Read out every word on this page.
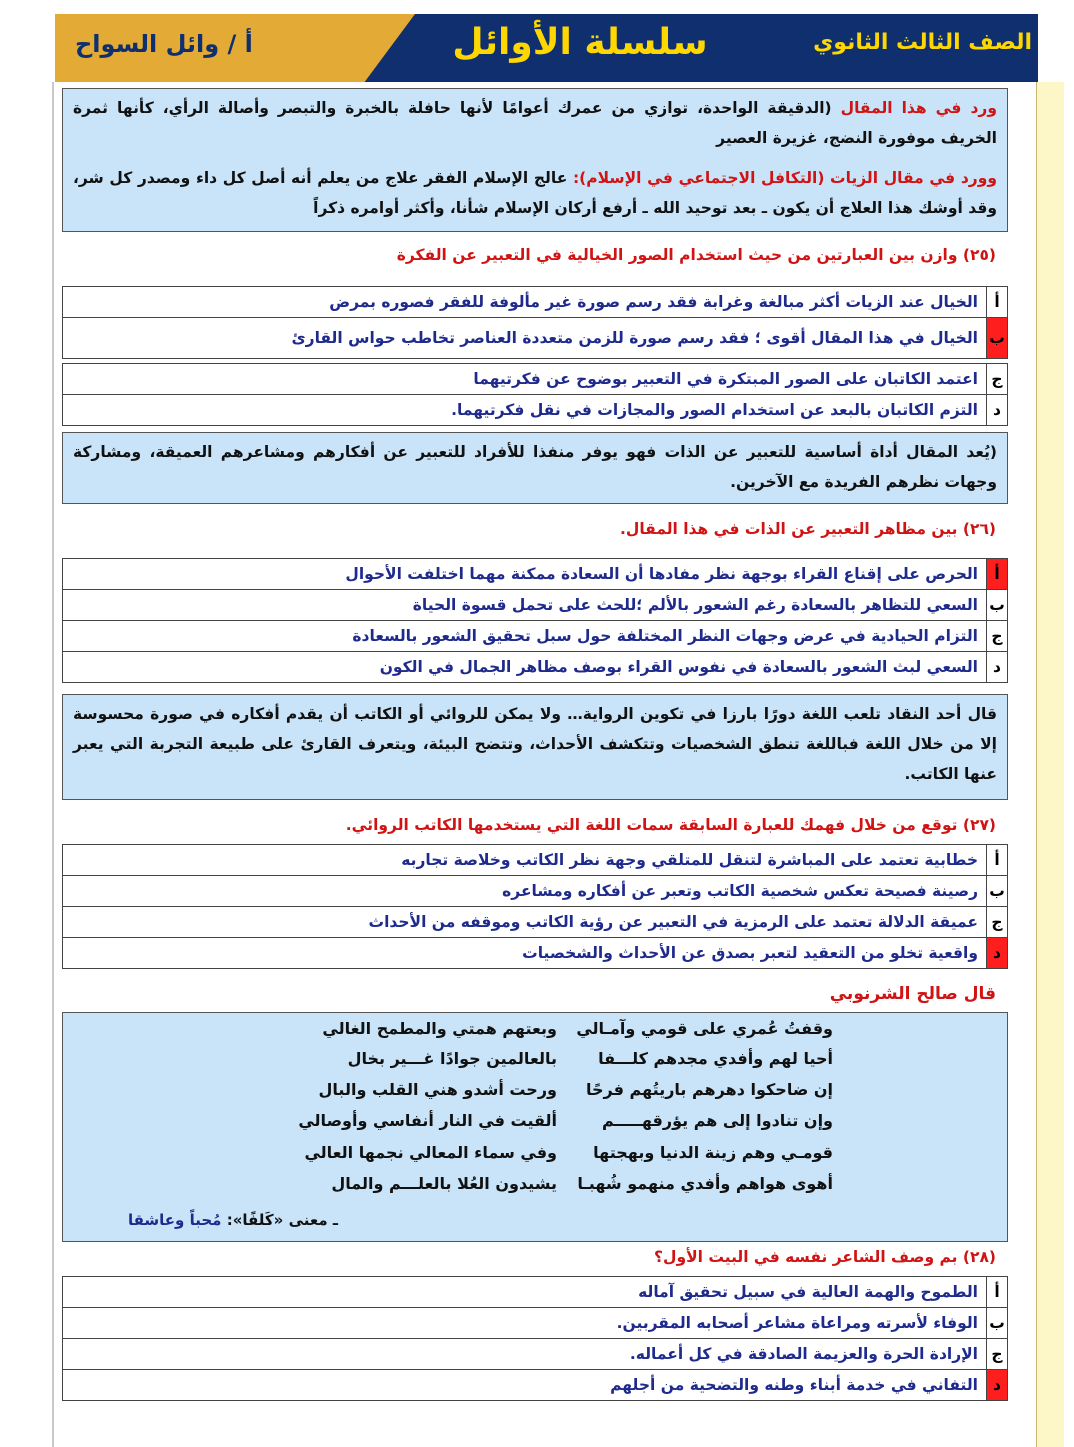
الصف الثالث الثانوي
سلسلة الأوائل
أ / وائل السواح
ورد في هذا المقال (الدقيقة الواحدة، توازي من عمرك أعوامًا لأنها حافلة بالخبرة والتبصر وأصالة الرأي، كأنها ثمرة الخريف موفورة النضج، غزيرة العصير
وورد في مقال الزيات (التكافل الاجتماعي في الإسلام): عالج الإسلام الفقر علاج من يعلم أنه أصل كل داء ومصدر كل شر، وقد أوشك هذا العلاج أن يكون ـ بعد توحيد الله ـ أرفع أركان الإسلام شأنا، وأكثر أوامره ذكراً
(٢٥) وازن بين العبارتين من حيث استخدام الصور الخيالية في التعبير عن الفكرة
أ	الخيال عند الزيات أكثر مبالغة وغرابة فقد رسم صورة غير مألوفة للفقر فصوره بمرض
ب	الخيال في هذا المقال أقوى ؛ فقد رسم صورة للزمن متعددة العناصر تخاطب حواس القارئ

ج	اعتمد الكاتبان على الصور المبتكرة في التعبير بوضوح عن فكرتيهما
د	التزم الكاتبان بالبعد عن استخدام الصور والمجازات في نقل فكرتيهما.
(يُعد المقال أداة أساسية للتعبير عن الذات فهو يوفر منفذا للأفراد للتعبير عن أفكارهم ومشاعرهم العميقة، ومشاركة وجهات نظرهم الفريدة مع الآخرين.
(٢٦) بين مظاهر التعبير عن الذات في هذا المقال.
أ	الحرص على إقناع القراء بوجهة نظر مفادها أن السعادة ممكنة مهما اختلفت الأحوال
ب	السعي للتظاهر بالسعادة رغم الشعور بالألم ؛للحث على تحمل قسوة الحياة
ج	التزام الحيادية في عرض وجهات النظر المختلفة حول سبل تحقيق الشعور بالسعادة
د	السعي لبث الشعور بالسعادة في نفوس القراء بوصف مظاهر الجمال في الكون
قال أحد النقاد تلعب اللغة دورًا بارزا في تكوين الرواية… ولا يمكن للروائي أو الكاتب أن يقدم أفكاره في صورة محسوسة إلا من خلال اللغة فباللغة تنطق الشخصيات وتتكشف الأحداث، وتتضح البيئة، ويتعرف القارئ على طبيعة التجربة التي يعبر عنها الكاتب.
(٢٧) توقع من خلال فهمك للعبارة السابقة سمات اللغة التي يستخدمها الكاتب الروائي.
أ	خطابية تعتمد على المباشرة لتنقل للمتلقي وجهة نظر الكاتب وخلاصة تجاربه
ب	رصينة فصيحة تعكس شخصية الكاتب وتعبر عن أفكاره ومشاعره
ج	عميقة الدلالة تعتمد على الرمزية في التعبير عن رؤية الكاتب وموقفه من الأحداث
د	واقعية تخلو من التعقيد لتعبر بصدق عن الأحداث والشخصيات
قال صالح الشرنوبي
وقفتُ عُمري على قومي وآمـالي
وبعتهم همتي والمطمح الغالي
أحيا لهم وأفدي مجدهم كلـــفا
بالعالمين جوادًا غـــير بخال
إن ضاحكوا دهرهم باريتُهم فرحًا
ورحت أشدو هني القلب والبال
وإن تنادوا إلى هم يؤرقهـــــم
ألقيت في النار أنفاسي وأوصالي
قومـي وهم زينة الدنيا وبهجتها
وفي سماء المعالي نجمها العالي
أهوى هواهم وأفدي منهمو شُهبـا
يشيدون العُلا بالعلـــم والمال
ـ معنى «كَلفًا»: مُحباً وعاشقا
(٢٨) بم وصف الشاعر نفسه في البيت الأول؟
أ	الطموح والهمة العالية في سبيل تحقيق آماله
ب	الوفاء لأسرته ومراعاة مشاعر أصحابه المقربين.
ج	الإرادة الحرة والعزيمة الصادقة في كل أعماله.
د	التفاني في خدمة أبناء وطنه والتضحية من أجلهم
